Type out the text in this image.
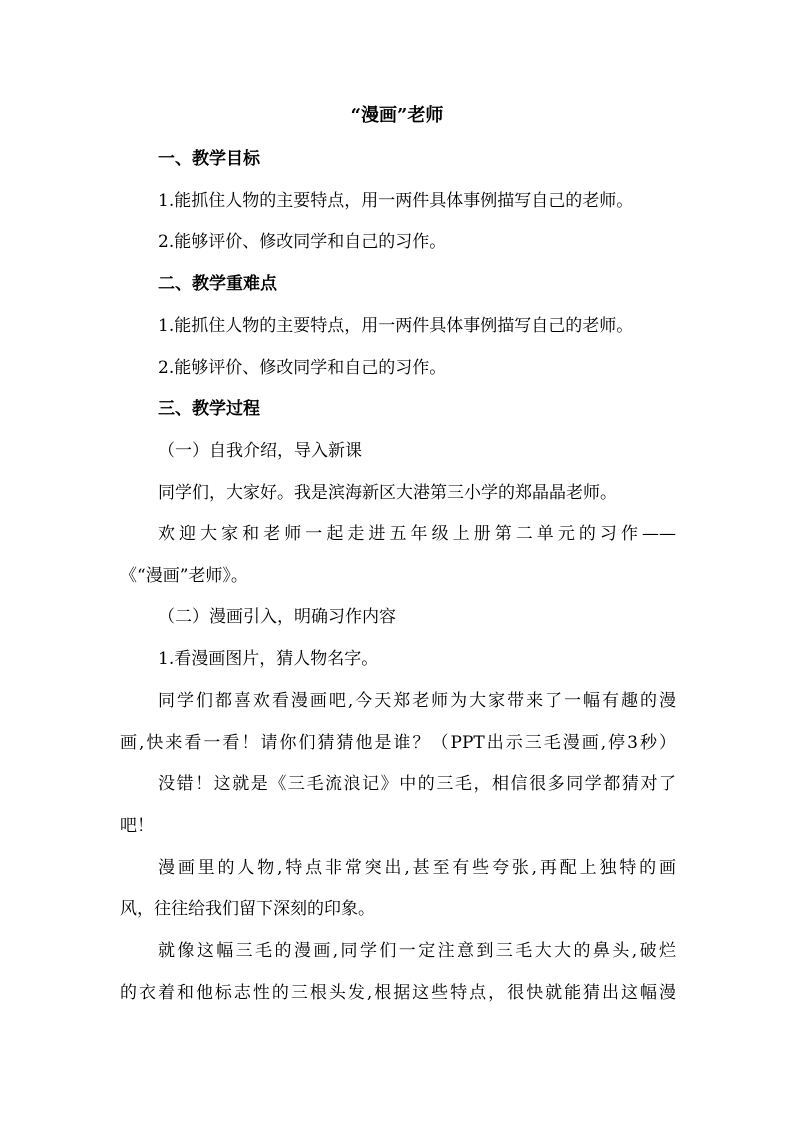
“漫画”老师
一、教学目标
1.能抓住人物的主要特点，用一两件具体事例描写自己的老师。
2.能够评价、修改同学和自己的习作。
二、教学重难点
1.能抓住人物的主要特点，用一两件具体事例描写自己的老师。
2.能够评价、修改同学和自己的习作。
三、教学过程
（一）自我介绍，导入新课
同学们，大家好。我是滨海新区大港第三小学的郑晶晶老师。
欢迎大家和老师一起走进五年级上册第二单元的习作——
《“漫画”老师》。
（二）漫画引入，明确习作内容
1.看漫画图片，猜人物名字。
同学们都喜欢看漫画吧,今天郑老师为大家带来了一幅有趣的漫
画,快来看一看！请你们猜猜他是谁？（PPT出示三毛漫画,停3秒）
没错！这就是《三毛流浪记》中的三毛，相信很多同学都猜对了
吧！
漫画里的人物,特点非常突出,甚至有些夸张,再配上独特的画
风，往往给我们留下深刻的印象。
就像这幅三毛的漫画,同学们一定注意到三毛大大的鼻头,破烂
的衣着和他标志性的三根头发,根据这些特点，很快就能猜出这幅漫
